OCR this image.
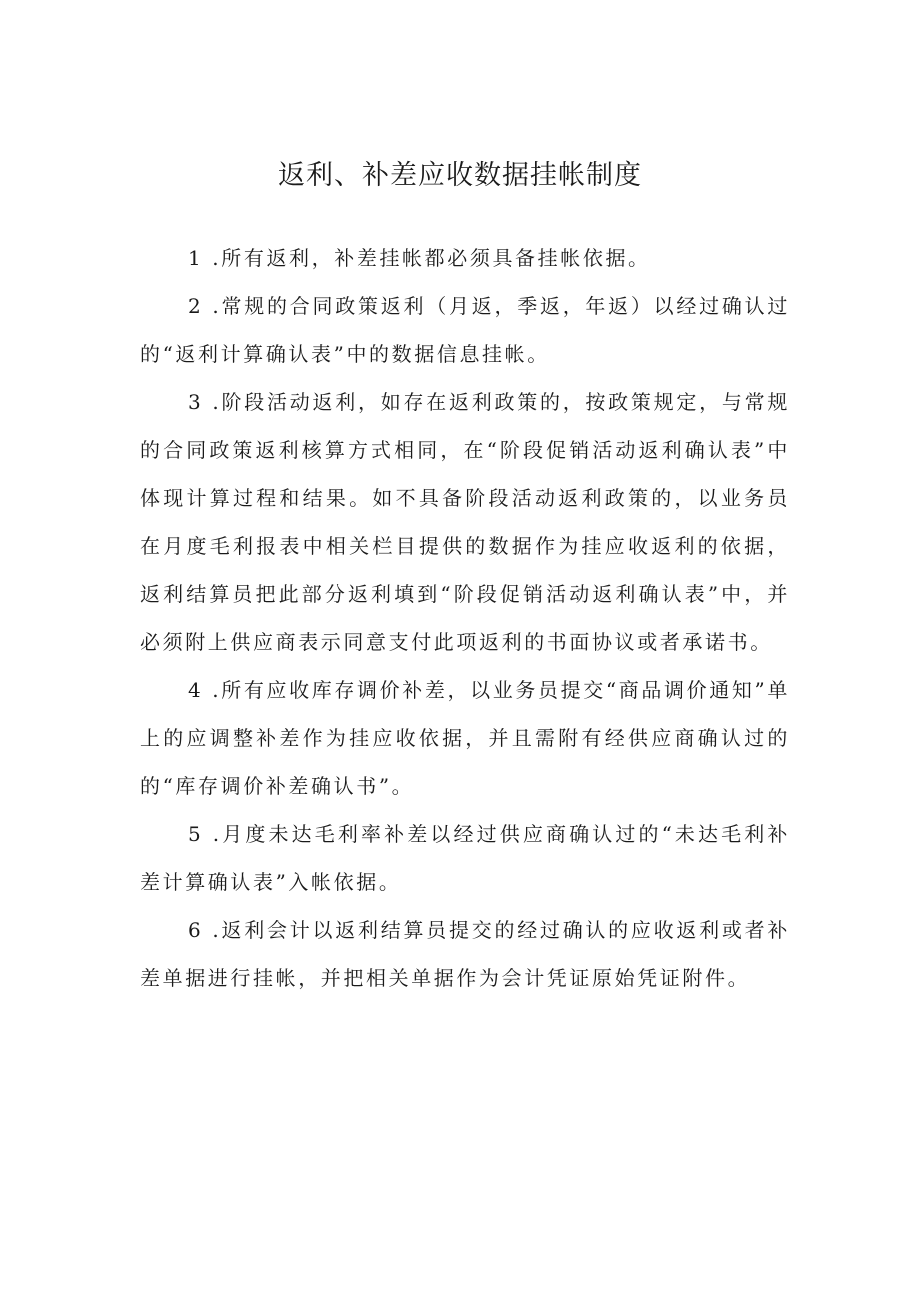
返利、补差应收数据挂帐制度

1 .所有返利，补差挂帐都必须具备挂帐依据。

2 .常规的合同政策返利（月返，季返，年返）以经过确认过的“返利计算确认表”中的数据信息挂帐。

3 .阶段活动返利，如存在返利政策的，按政策规定，与常规的合同政策返利核算方式相同，在“阶段促销活动返利确认表”中体现计算过程和结果。如不具备阶段活动返利政策的，以业务员在月度毛利报表中相关栏目提供的数据作为挂应收返利的依据，返利结算员把此部分返利填到“阶段促销活动返利确认表”中，并必须附上供应商表示同意支付此项返利的书面协议或者承诺书。

4 .所有应收库存调价补差，以业务员提交“商品调价通知”单上的应调整补差作为挂应收依据，并且需附有经供应商确认过的的“库存调价补差确认书”。

5 .月度未达毛利率补差以经过供应商确认过的“未达毛利补差计算确认表”入帐依据。

6 .返利会计以返利结算员提交的经过确认的应收返利或者补差单据进行挂帐，并把相关单据作为会计凭证原始凭证附件。
